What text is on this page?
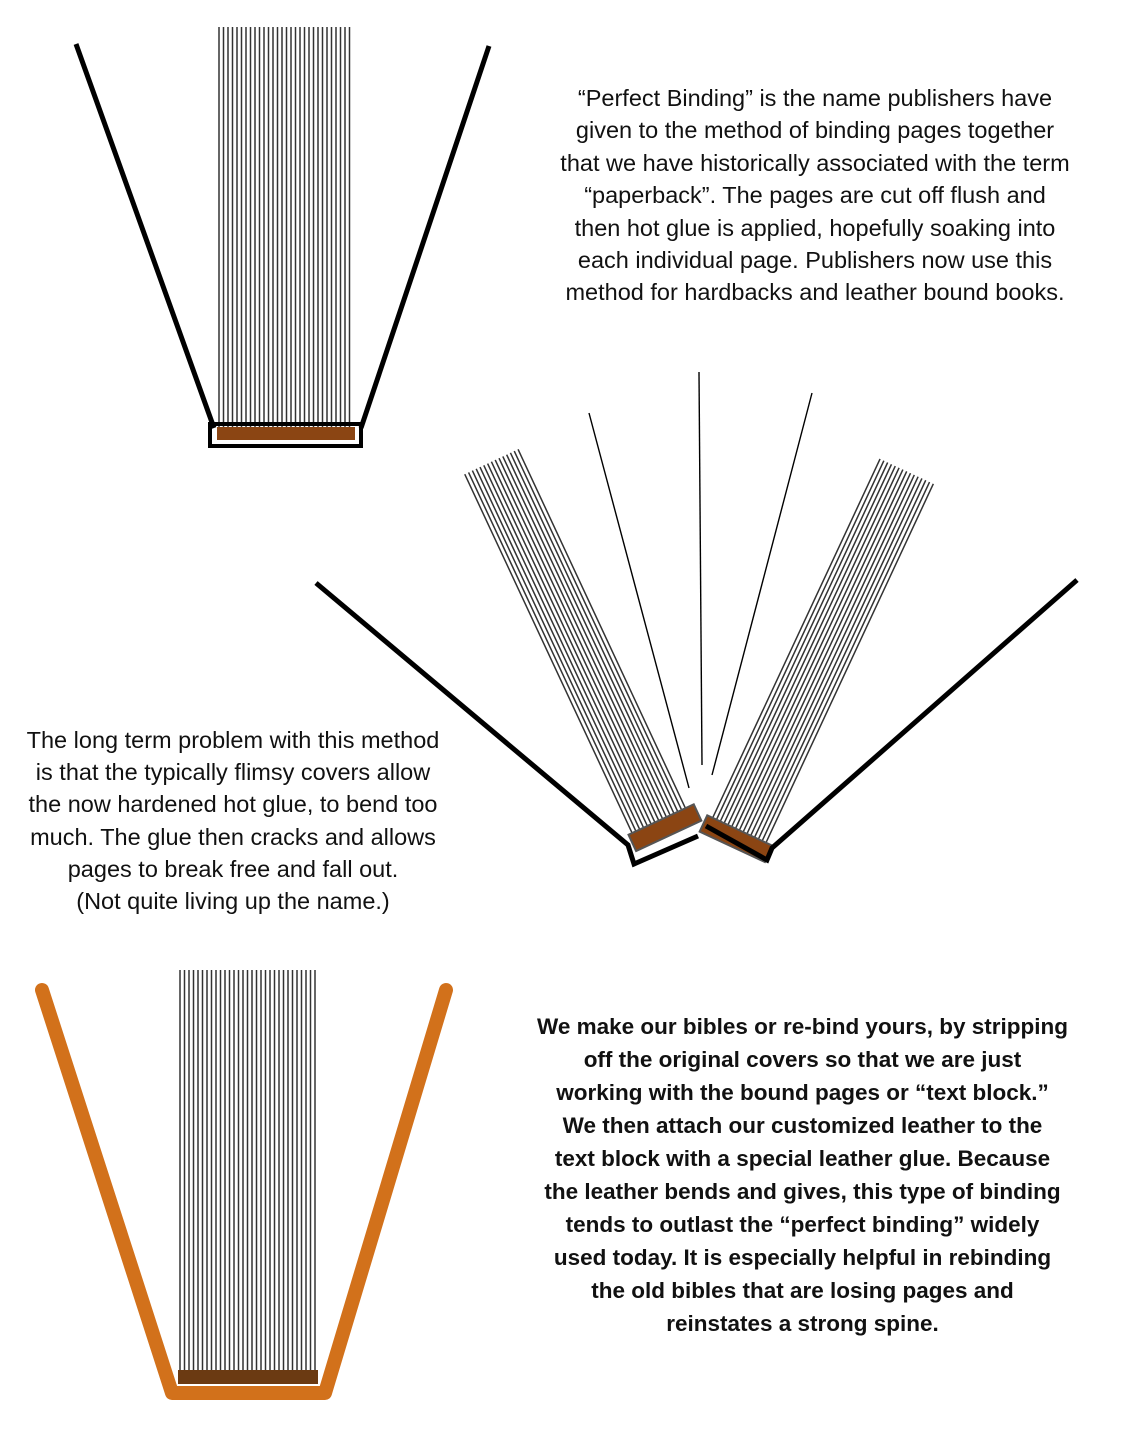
“Perfect Binding” is the name publishers have
given to the method of binding pages together
that we have historically associated with the term
“paperback”. The pages are cut off flush and
then hot glue is applied, hopefully soaking into
each individual page. Publishers now use this
method for hardbacks and leather bound books.
The long term problem with this method
is that the typically flimsy covers allow
the now hardened hot glue, to bend too
much. The glue then cracks and allows
pages to break free and fall out.
(Not quite living up the name.)
We make our bibles or re-bind yours, by stripping
off the original covers so that we are just
working with the bound pages or “text block.”
We then attach our customized leather to the
text block with a special leather glue. Because
the leather bends and gives, this type of binding
tends to outlast the “perfect binding” widely
used today. It is especially helpful in rebinding
the old bibles that are losing pages and
reinstates a strong spine.
